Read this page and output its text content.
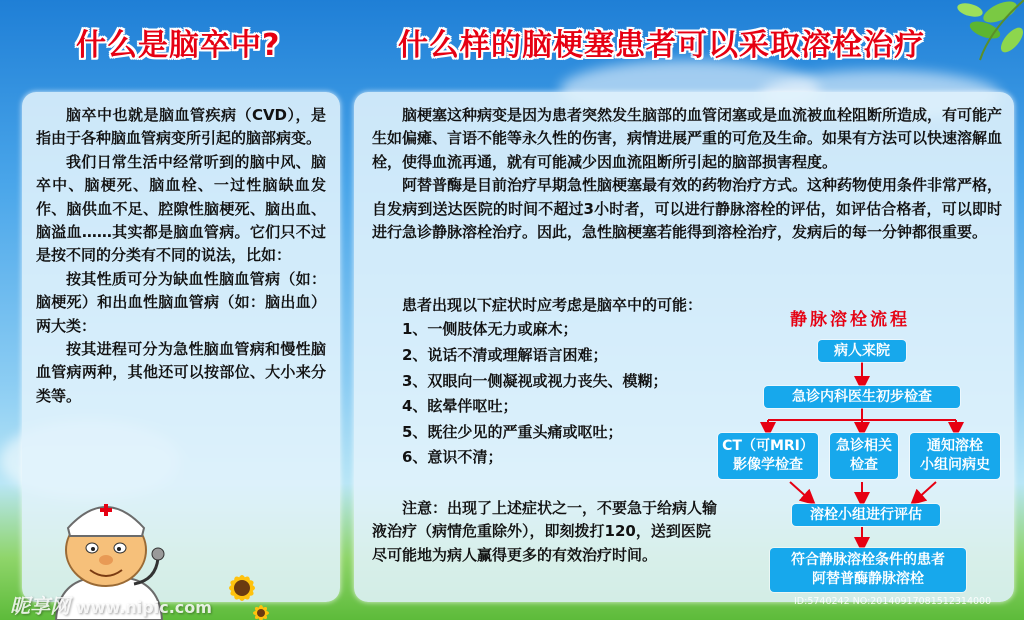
什么是脑卒中?	什么样的脑梗塞患者可以采取溶栓治疗

脑卒中也就是脑血管疾病（CVD），是指由于各种脑血管病变所引起的脑部病变。

我们日常生活中经常听到的脑中风、脑卒中、脑梗死、脑血栓、一过性脑缺血发作、脑供血不足、腔隙性脑梗死、脑出血、脑溢血……其实都是脑血管病。它们只不过是按不同的分类有不同的说法，比如：

按其性质可分为缺血性脑血管病（如：脑梗死）和出血性脑血管病（如：脑出血）两大类：

按其进程可分为急性脑血管病和慢性脑血管病两种，其他还可以按部位、大小来分类等。

脑梗塞这种病变是因为患者突然发生脑部的血管闭塞或是血流被血栓阻断所造成，有可能产生如偏瘫、言语不能等永久性的伤害，病情进展严重的可危及生命。如果有方法可以快速溶解血栓，使得血流再通，就有可能减少因血流阻断所引起的脑部损害程度。

阿替普酶是目前治疗早期急性脑梗塞最有效的药物治疗方式。这种药物使用条件非常严格，自发病到送达医院的时间不超过3小时者，可以进行静脉溶栓的评估，如评估合格者，可以即时进行急诊静脉溶栓治疗。因此，急性脑梗塞若能得到溶栓治疗，发病后的每一分钟都很重要。

患者出现以下症状时应考虑是脑卒中的可能：
1、一侧肢体无力或麻木；
2、说话不清或理解语言困难；
3、双眼向一侧凝视或视力丧失、模糊；
4、眩晕伴呕吐；
5、既往少见的严重头痛或呕吐；
6、意识不清；

注意：出现了上述症状之一，不要急于给病人输液治疗（病情危重除外），即刻拨打120，送到医院尽可能地为病人赢得更多的有效治疗时间。

静脉溶栓流程
病人来院
急诊内科医生初步检查
CT（可MRI）
影像学检查
急诊相关
检查
通知溶栓
小组问病史
溶栓小组进行评估
符合静脉溶栓条件的患者
阿替普酶静脉溶栓
昵享网 www.nipic.com	ID:5740242 NO:20140917081512314000
